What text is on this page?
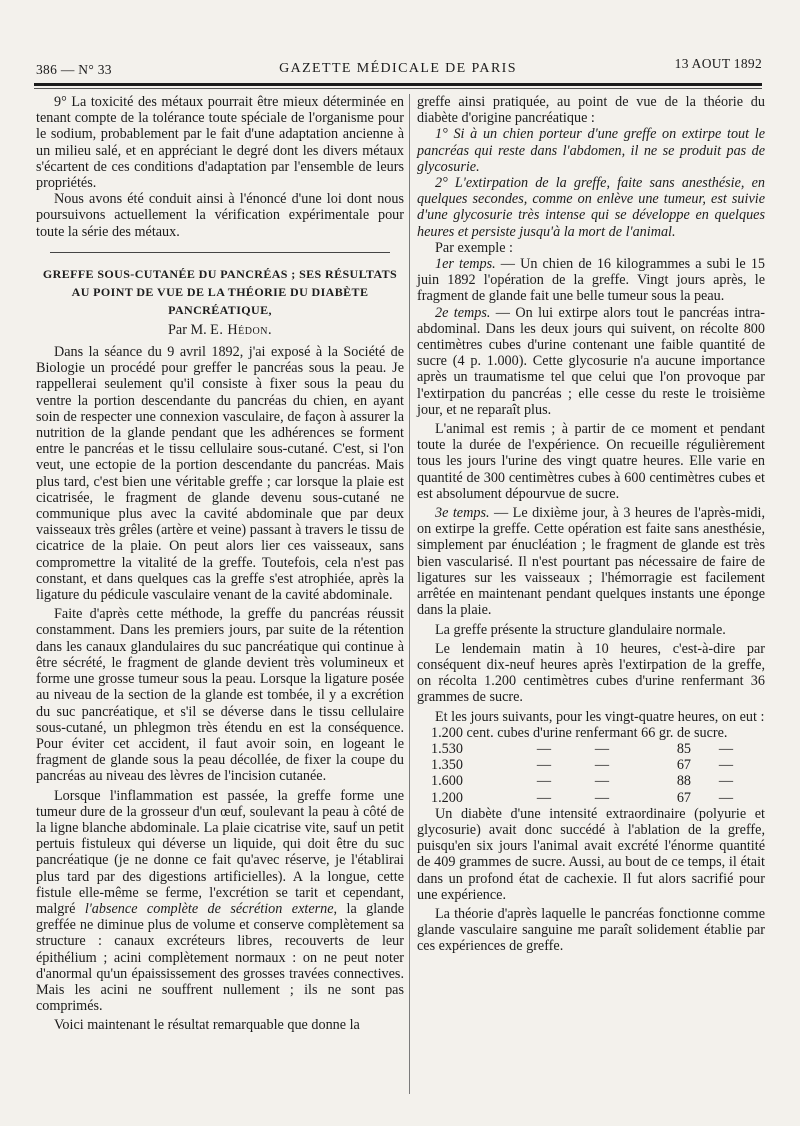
386 — N° 33	GAZETTE MÉDICALE DE PARIS	13 AOUT 1892

9° La toxicité des métaux pourrait être mieux déterminée en tenant compte de la tolérance toute spéciale de l'organisme pour le sodium, probablement par le fait d'une adaptation ancienne à un milieu salé, et en appréciant le degré dont les divers métaux s'écartent de ces conditions d'adaptation par l'ensemble de leurs propriétés.

Nous avons été conduit ainsi à l'énoncé d'une loi dont nous poursuivons actuellement la vérification expérimentale pour toute la série des métaux.

GREFFE SOUS-CUTANÉE DU PANCRÉAS ; SES RÉSULTATS AU POINT DE VUE DE LA THÉORIE DU DIABÈTE PANCRÉATIQUE,

Par M. E. Hédon.

Dans la séance du 9 avril 1892, j'ai exposé à la Société de Biologie un procédé pour greffer le pancréas sous la peau. Je rappellerai seulement qu'il consiste à fixer sous la peau du ventre la portion descendante du pancréas du chien, en ayant soin de respecter une connexion vasculaire, de façon à assurer la nutrition de la glande pendant que les adhérences se forment entre le pancréas et le tissu cellulaire sous-cutané. C'est, si l'on veut, une ectopie de la portion descendante du pancréas. Mais plus tard, c'est bien une véritable greffe ; car lorsque la plaie est cicatrisée, le fragment de glande devenu sous-cutané ne communique plus avec la cavité abdominale que par deux vaisseaux très grêles (artère et veine) passant à travers le tissu de cicatrice de la plaie. On peut alors lier ces vaisseaux, sans compromettre la vitalité de la greffe. Toutefois, cela n'est pas constant, et dans quelques cas la greffe s'est atrophiée, après la ligature du pédicule vasculaire venant de la cavité abdominale.

Faite d'après cette méthode, la greffe du pancréas réussit constamment. Dans les premiers jours, par suite de la rétention dans les canaux glandulaires du suc pancréatique qui continue à être sécrété, le fragment de glande devient très volumineux et forme une grosse tumeur sous la peau. Lorsque la ligature posée au niveau de la section de la glande est tombée, il y a excrétion du suc pancréatique, et s'il se déverse dans le tissu cellulaire sous-cutané, un phlegmon très étendu en est la conséquence. Pour éviter cet accident, il faut avoir soin, en logeant le fragment de glande sous la peau décollée, de fixer la coupe du pancréas au niveau des lèvres de l'incision cutanée.

Lorsque l'inflammation est passée, la greffe forme une tumeur dure de la grosseur d'un œuf, soulevant la peau à côté de la ligne blanche abdominale. La plaie cicatrise vite, sauf un petit pertuis fistuleux qui déverse un liquide, qui doit être du suc pancréatique (je ne donne ce fait qu'avec réserve, je l'établirai plus tard par des digestions artificielles). A la longue, cette fistule elle-même se ferme, l'excrétion se tarit et cependant, malgré l'absence complète de sécrétion externe, la glande greffée ne diminue plus de volume et conserve complètement sa structure : canaux excréteurs libres, recouverts de leur épithélium ; acini complètement normaux : on ne peut noter d'anormal qu'un épaississement des grosses travées connectives. Mais les acini ne souffrent nullement ; ils ne sont pas comprimés.

Voici maintenant le résultat remarquable que donne la

greffe ainsi pratiquée, au point de vue de la théorie du diabète d'origine pancréatique :

1° Si à un chien porteur d'une greffe on extirpe tout le pancréas qui reste dans l'abdomen, il ne se produit pas de glycosurie.

2° L'extirpation de la greffe, faite sans anesthésie, en quelques secondes, comme on enlève une tumeur, est suivie d'une glycosurie très intense qui se développe en quelques heures et persiste jusqu'à la mort de l'animal.

Par exemple :

1er temps. — Un chien de 16 kilogrammes a subi le 15 juin 1892 l'opération de la greffe. Vingt jours après, le fragment de glande fait une belle tumeur sous la peau.

2e temps. — On lui extirpe alors tout le pancréas intra-abdominal. Dans les deux jours qui suivent, on récolte 800 centimètres cubes d'urine contenant une faible quantité de sucre (4 p. 1.000). Cette glycosurie n'a aucune importance après un traumatisme tel que celui que l'on provoque par l'extirpation du pancréas ; elle cesse du reste le troisième jour, et ne reparaît plus.

L'animal est remis ; à partir de ce moment et pendant toute la durée de l'expérience. On recueille régulièrement tous les jours l'urine des vingt quatre heures. Elle varie en quantité de 300 centimètres cubes à 600 centimètres cubes et est absolument dépourvue de sucre.

3e temps. — Le dixième jour, à 3 heures de l'après-midi, on extirpe la greffe. Cette opération est faite sans anesthésie, simplement par énucléation ; le fragment de glande est très bien vascularisé. Il n'est pourtant pas nécessaire de faire de ligatures sur les vaisseaux ; l'hémorragie est facilement arrêtée en maintenant pendant quelques instants une éponge dans la plaie.

La greffe présente la structure glandulaire normale.

Le lendemain matin à 10 heures, c'est-à-dire par conséquent dix-neuf heures après l'extirpation de la greffe, on récolta 1.200 centimètres cubes d'urine renfermant 36 grammes de sucre.

Et les jours suivants, pour les vingt-quatre heures, on eut :

1.200 cent. cubes d'urine renfermant 66 gr. de sucre.
1.530	—	—	85	—
1.350	—	—	67	—
1.600	—	—	88	—
1.200	—	—	67	—

Un diabète d'une intensité extraordinaire (polyurie et glycosurie) avait donc succédé à l'ablation de la greffe, puisqu'en six jours l'animal avait excrété l'énorme quantité de 409 grammes de sucre. Aussi, au bout de ce temps, il était dans un profond état de cachexie. Il fut alors sacrifié pour une expérience.

La théorie d'après laquelle le pancréas fonctionne comme glande vasculaire sanguine me paraît solidement établie par ces expériences de greffe.
